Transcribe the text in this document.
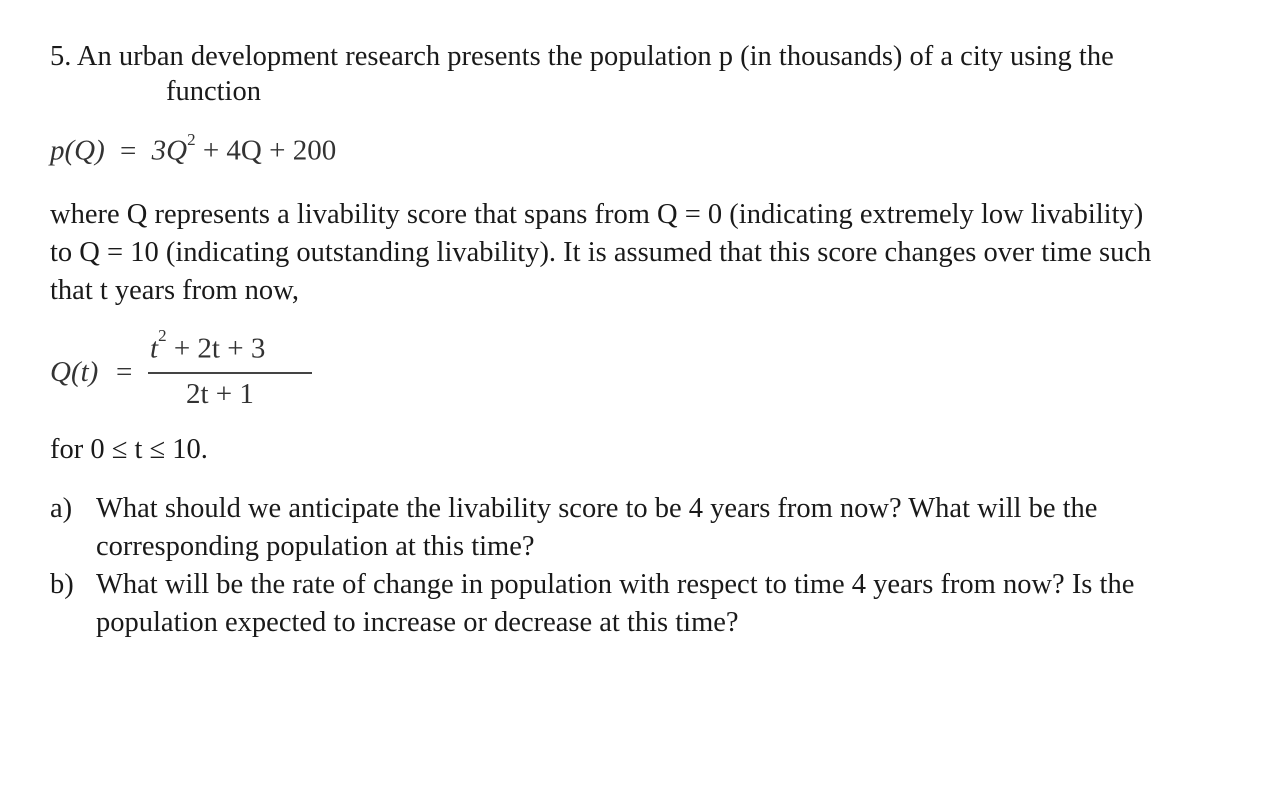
5. An urban development research presents the population p (in thousands) of a city using the
function
$p(Q) = 3Q^2 + 4Q + 200$
where Q represents a livability score that spans from Q = 0 (indicating extremely low livability)
to Q = 10 (indicating outstanding livability). It is assumed that this score changes over time such
that t years from now,
Q(t) =
$t^2 + 2t + 3$
2t + 1
for 0 ≤ t ≤ 10.
a) What should we anticipate the livability score to be 4 years from now? What will be the
corresponding population at this time?
b) What will be the rate of change in population with respect to time 4 years from now? Is the
population expected to increase or decrease at this time?
